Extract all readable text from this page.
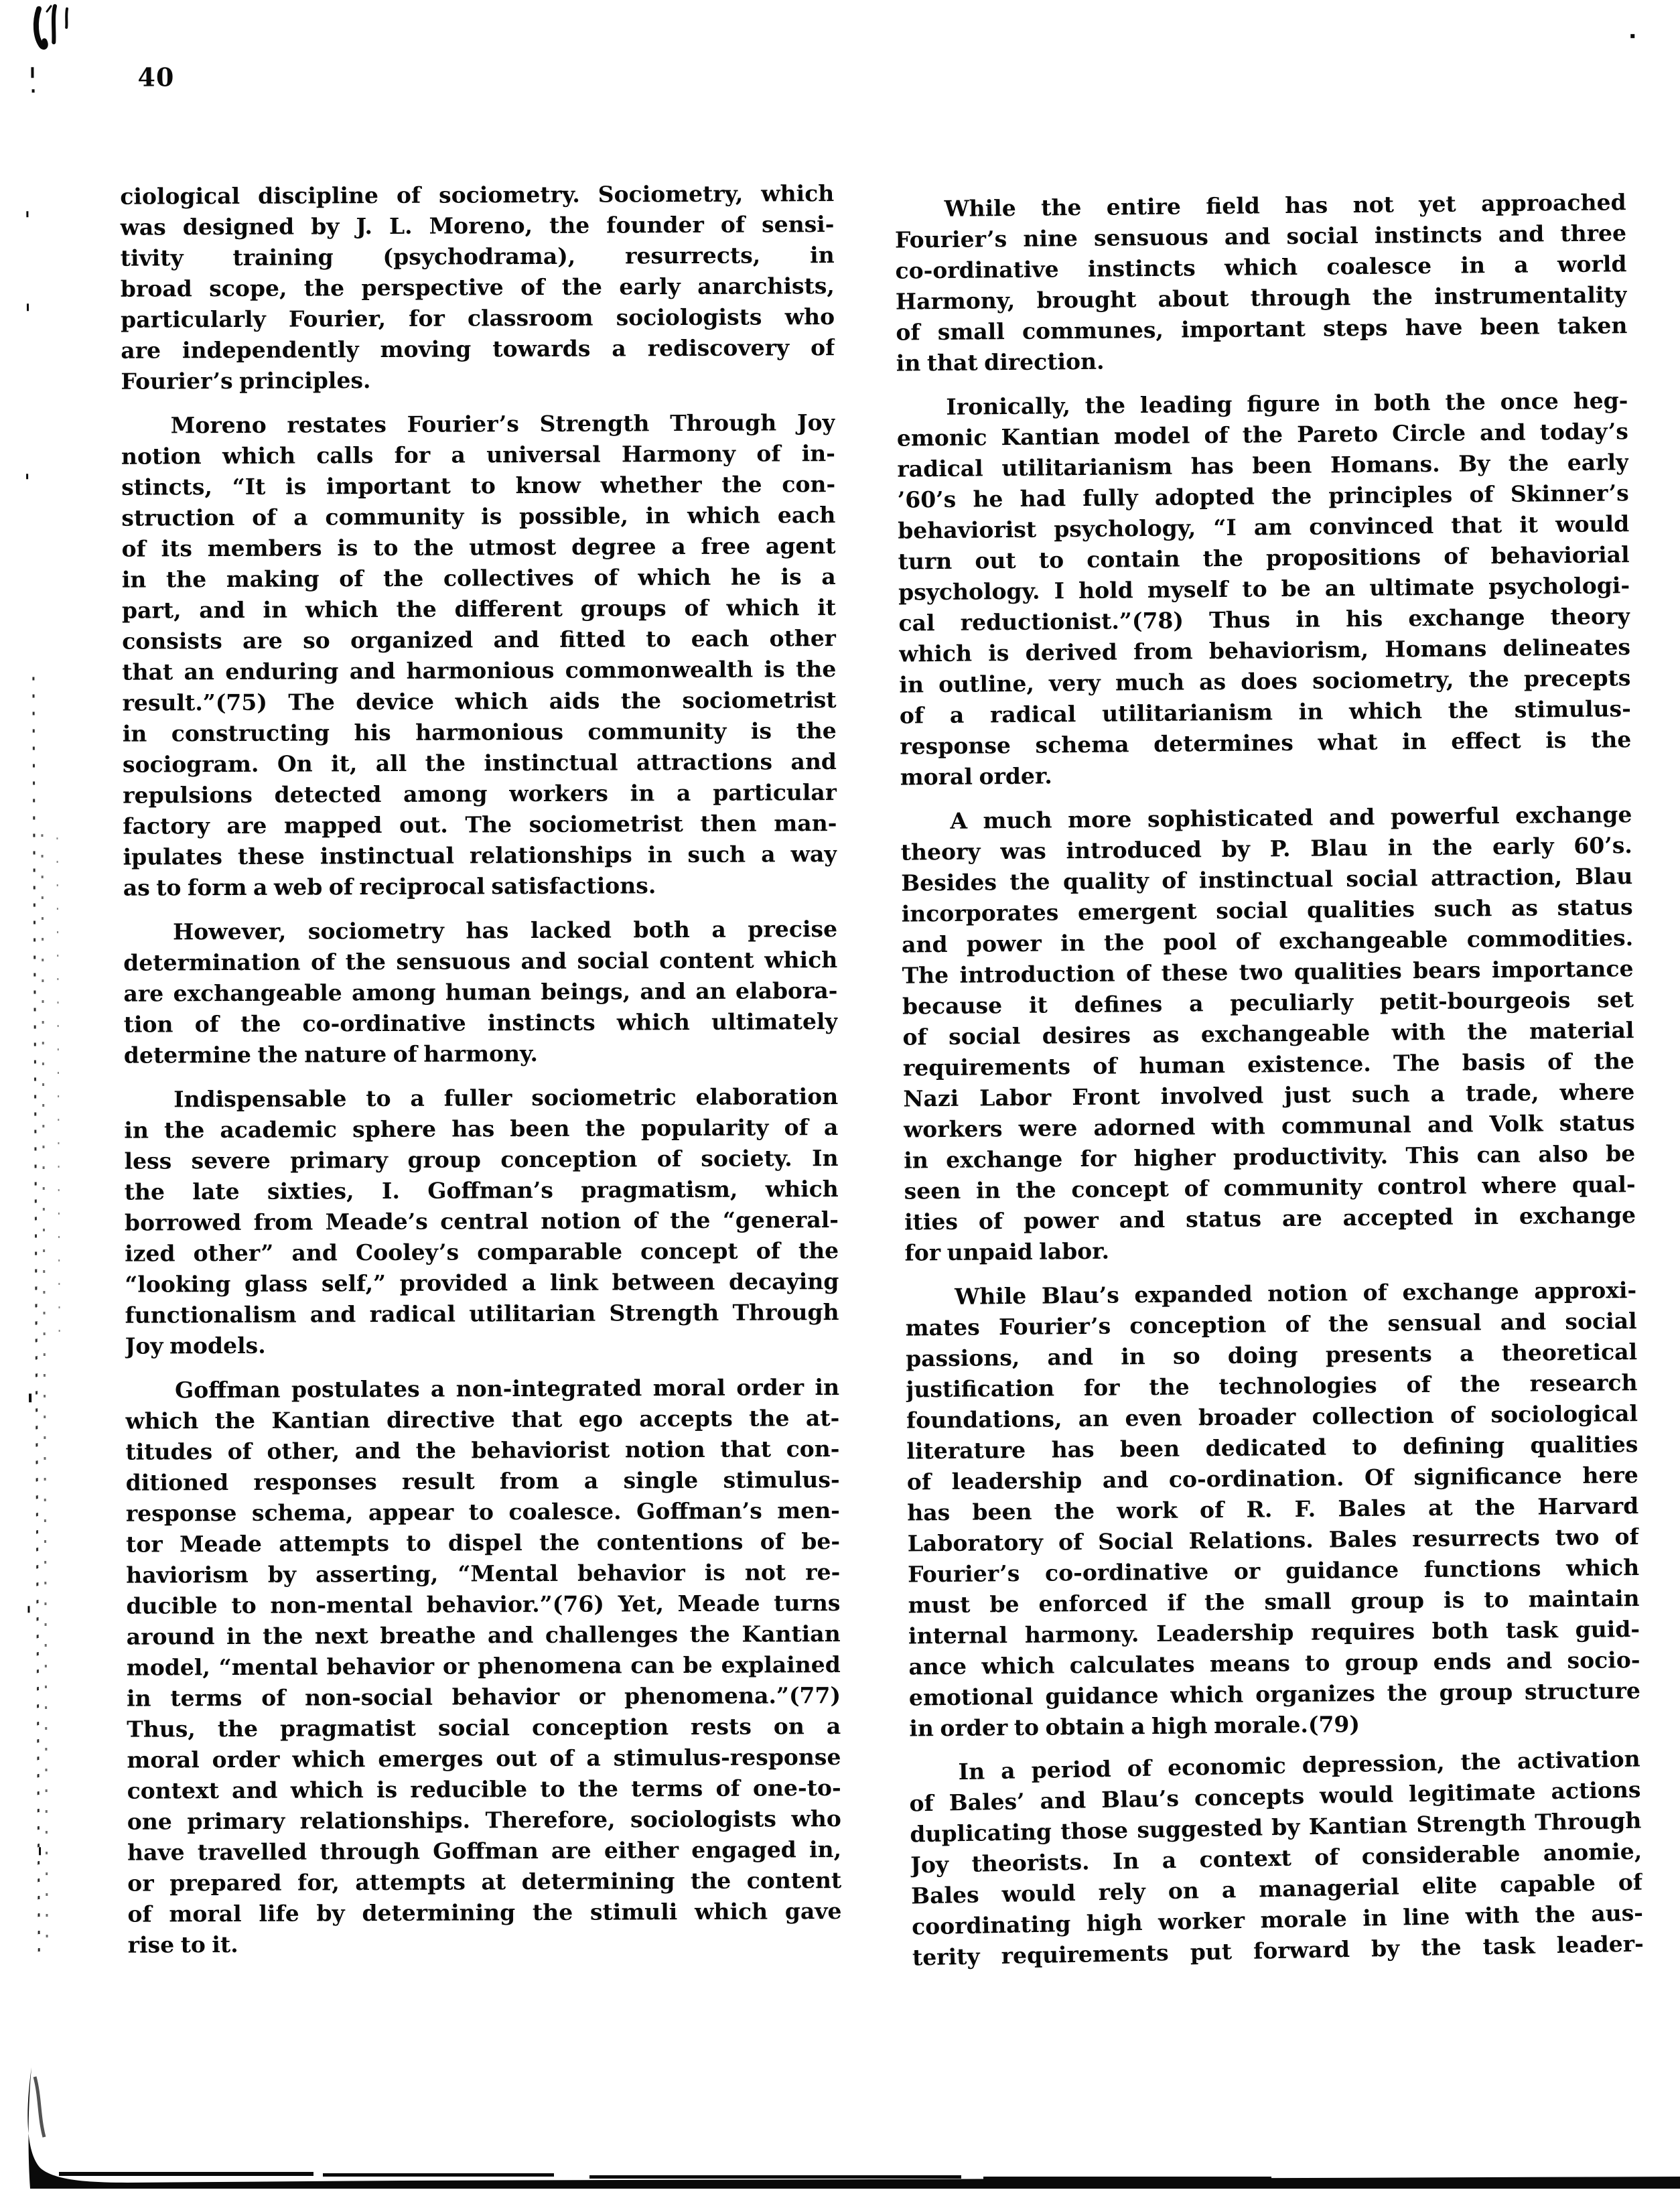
40
ciological discipline of sociometry. Sociometry, which
was designed by J. L. Moreno, the founder of sensi-
tivity training (psychodrama), resurrects, in
broad scope, the perspective of the early anarchists,
particularly Fourier, for classroom sociologists who
are independently moving towards a rediscovery of
Fourier’s principles.
Moreno restates Fourier’s Strength Through Joy
notion which calls for a universal Harmony of in-
stincts, “It is important to know whether the con-
struction of a community is possible, in which each
of its members is to the utmost degree a free agent
in the making of the collectives of which he is a
part, and in which the different groups of which it
consists are so organized and fitted to each other
that an enduring and harmonious commonwealth is the
result.”(75) The device which aids the sociometrist
in constructing his harmonious community is the
sociogram. On it, all the instinctual attractions and
repulsions detected among workers in a particular
factory are mapped out. The sociometrist then man-
ipulates these instinctual relationships in such a way
as to form a web of reciprocal satisfactions.
However, sociometry has lacked both a precise
determination of the sensuous and social content which
are exchangeable among human beings, and an elabora-
tion of the co-ordinative instincts which ultimately
determine the nature of harmony.
Indispensable to a fuller sociometric elaboration
in the academic sphere has been the popularity of a
less severe primary group conception of society. In
the late sixties, I. Goffman’s pragmatism, which
borrowed from Meade’s central notion of the “general-
ized other” and Cooley’s comparable concept of the
“looking glass self,” provided a link between decaying
functionalism and radical utilitarian Strength Through
Joy models.
Goffman postulates a non-integrated moral order in
which the Kantian directive that ego accepts the at-
titudes of other, and the behaviorist notion that con-
ditioned responses result from a single stimulus-
response schema, appear to coalesce. Goffman’s men-
tor Meade attempts to dispel the contentions of be-
haviorism by asserting, “Mental behavior is not re-
ducible to non-mental behavior.”(76) Yet, Meade turns
around in the next breathe and challenges the Kantian
model, “mental behavior or phenomena can be explained
in terms of non-social behavior or phenomena.”(77)
Thus, the pragmatist social conception rests on a
moral order which emerges out of a stimulus-response
context and which is reducible to the terms of one-to-
one primary relationships. Therefore, sociologists who
have travelled through Goffman are either engaged in,
or prepared for, attempts at determining the content
of moral life by determining the stimuli which gave
rise to it.
While the entire field has not yet approached
Fourier’s nine sensuous and social instincts and three
co-ordinative instincts which coalesce in a world
Harmony, brought about through the instrumentality
of small communes, important steps have been taken
in that direction.
Ironically, the leading figure in both the once heg-
emonic Kantian model of the Pareto Circle and today’s
radical utilitarianism has been Homans. By the early
’60’s he had fully adopted the principles of Skinner’s
behaviorist psychology, “I am convinced that it would
turn out to contain the propositions of behaviorial
psychology. I hold myself to be an ultimate psychologi-
cal reductionist.”(78) Thus in his exchange theory
which is derived from behaviorism, Homans delineates
in outline, very much as does sociometry, the precepts
of a radical utilitarianism in which the stimulus-
response schema determines what in effect is the
moral order.
A much more sophisticated and powerful exchange
theory was introduced by P. Blau in the early 60’s.
Besides the quality of instinctual social attraction, Blau
incorporates emergent social qualities such as status
and power in the pool of exchangeable commodities.
The introduction of these two qualities bears importance
because it defines a peculiarly petit-bourgeois set
of social desires as exchangeable with the material
requirements of human existence. The basis of the
Nazi Labor Front involved just such a trade, where
workers were adorned with communal and Volk status
in exchange for higher productivity. This can also be
seen in the concept of community control where qual-
ities of power and status are accepted in exchange
for unpaid labor.
While Blau’s expanded notion of exchange approxi-
mates Fourier’s conception of the sensual and social
passions, and in so doing presents a theoretical
justification for the technologies of the research
foundations, an even broader collection of sociological
literature has been dedicated to defining qualities
of leadership and co-ordination. Of significance here
has been the work of R. F. Bales at the Harvard
Laboratory of Social Relations. Bales resurrects two of
Fourier’s co-ordinative or guidance functions which
must be enforced if the small group is to maintain
internal harmony. Leadership requires both task guid-
ance which calculates means to group ends and socio-
emotional guidance which organizes the group structure
in order to obtain a high morale.(79)
In a period of economic depression, the activation
of Bales’ and Blau’s concepts would legitimate actions
duplicating those suggested by Kantian Strength Through
Joy theorists. In a context of considerable anomie,
Bales would rely on a managerial elite capable of
coordinating high worker morale in line with the aus-
terity requirements put forward by the task leader-
